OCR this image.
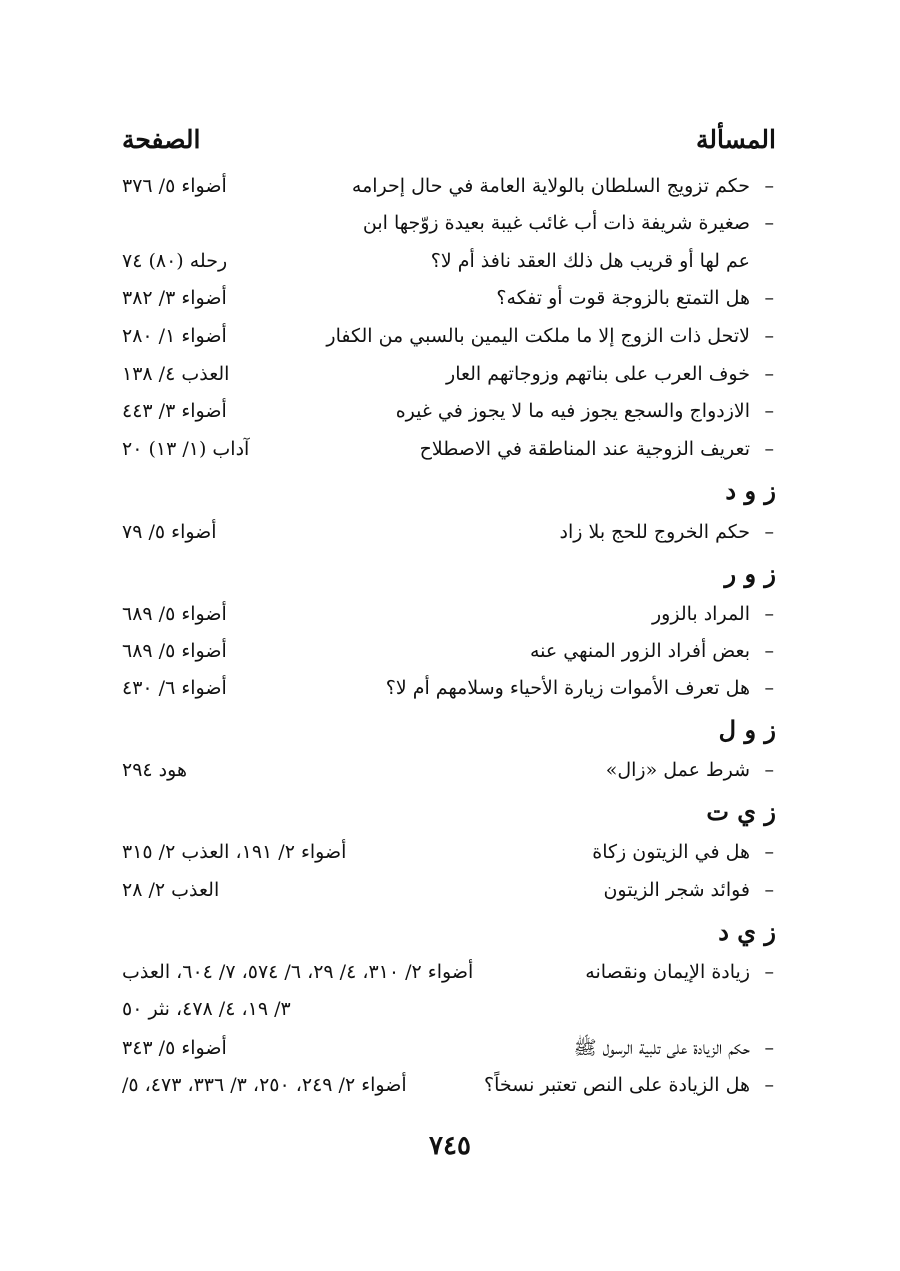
المسألة
الصفحة
–
حكم تزويج السلطان بالولاية العامة في حال إحرامه
أضواء ٥/ ٣٧٦
–
صغيرة شريفة ذات أب غائب غيبة بعيدة زوّجها ابن
عم لها أو قريب هل ذلك العقد نافذ أم لا؟
رحله (٨٠) ٧٤
–
هل التمتع بالزوجة قوت أو تفكه؟
أضواء ٣/ ٣٨٢
–
لاتحل ذات الزوج إلا ما ملكت اليمين بالسبي من الكفار
أضواء ١/ ٢٨٠
–
خوف العرب على بناتهم وزوجاتهم العار
العذب ٤/ ١٣٨
–
الازدواج والسجع يجوز فيه ما لا يجوز في غيره
أضواء ٣/ ٤٤٣
–
تعريف الزوجية عند المناطقة في الاصطلاح
آداب (١/ ١٣) ٢٠
ز و د
–
حكم الخروج للحج بلا زاد
أضواء ٥/ ٧٩
ز و ر
–
المراد بالزور
أضواء ٥/ ٦٨٩
–
بعض أفراد الزور المنهي عنه
أضواء ٥/ ٦٨٩
–
هل تعرف الأموات زيارة الأحياء وسلامهم أم لا؟
أضواء ٦/ ٤٣٠
ز و ل
–
شرط عمل «زال»
هود ٢٩٤
ز ي ت
–
هل في الزيتون زكاة
أضواء ٢/ ١٩١، العذب ٢/ ٣١٥
–
فوائد شجر الزيتون
العذب ٢/ ٢٨
ز ي د
–
زيادة الإيمان ونقصانه
أضواء ٢/ ٣١٠، ٤/ ٢٩، ٦/ ٥٧٤، ٧/ ٦٠٤، العذب
٣/ ١٩، ٤/ ٤٧٨، نثر ٥٠
–
حكم الزيادة على تلبية الرسول ﷺ
أضواء ٥/ ٣٤٣
–
هل الزيادة على النص تعتبر نسخاً؟
أضواء ٢/ ٢٤٩، ٢٥٠، ٣/ ٣٣٦، ٤٧٣، ٥/
٧٤٥
